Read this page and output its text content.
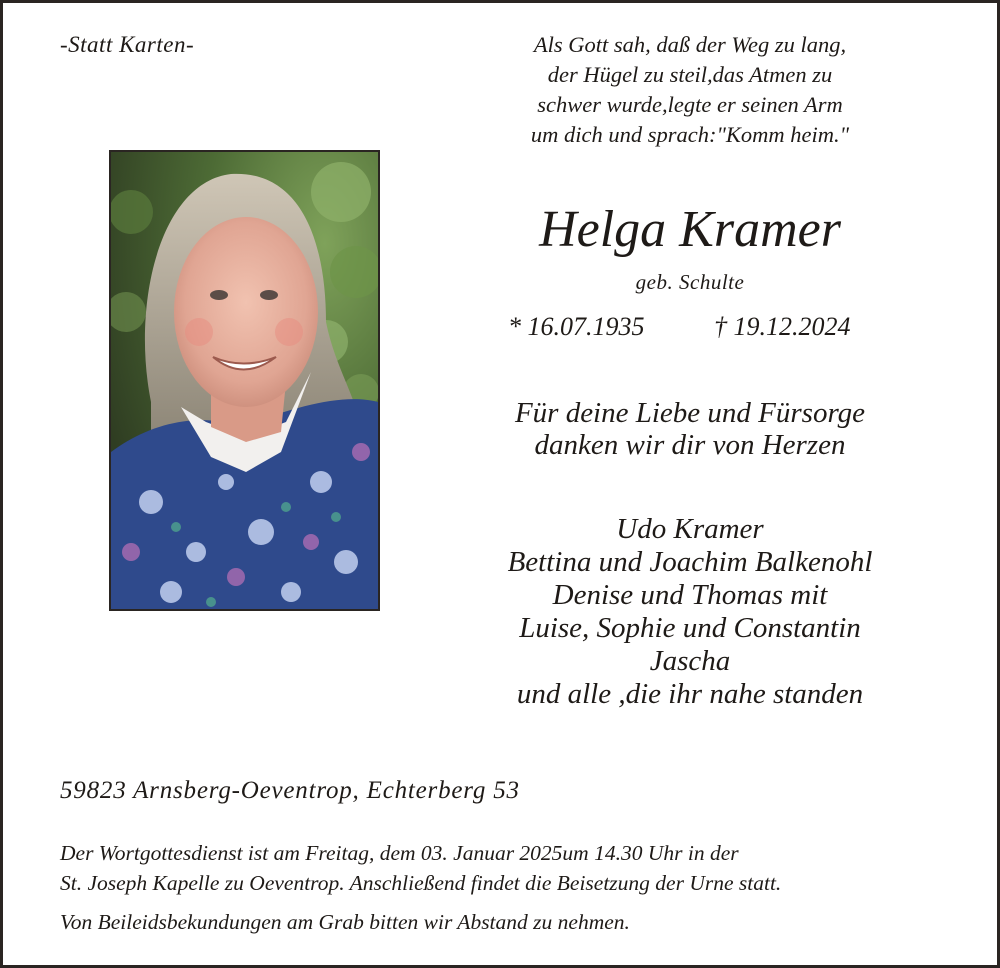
-Statt Karten-	Als Gott sah, daß der Weg zu lang,
der Hügel zu steil,das Atmen zu
schwer wurde,legte er seinen Arm
um dich und sprach:"Komm heim."
Helga Kramer
geb. Schulte
* 16.07.1935	† 19.12.2024
Für deine Liebe und Fürsorge
danken wir dir von Herzen
Udo Kramer
Bettina und Joachim Balkenohl
Denise und Thomas mit
Luise, Sophie und Constantin
Jascha
und alle ,die ihr nahe standen
59823 Arnsberg-Oeventrop, Echterberg 53
Der Wortgottesdienst ist am Freitag, dem 03. Januar 2025um 14.30 Uhr in der
St. Joseph Kapelle zu Oeventrop. Anschließend findet die Beisetzung der Urne statt.
Von Beileidsbekundungen am Grab bitten wir Abstand zu nehmen.
